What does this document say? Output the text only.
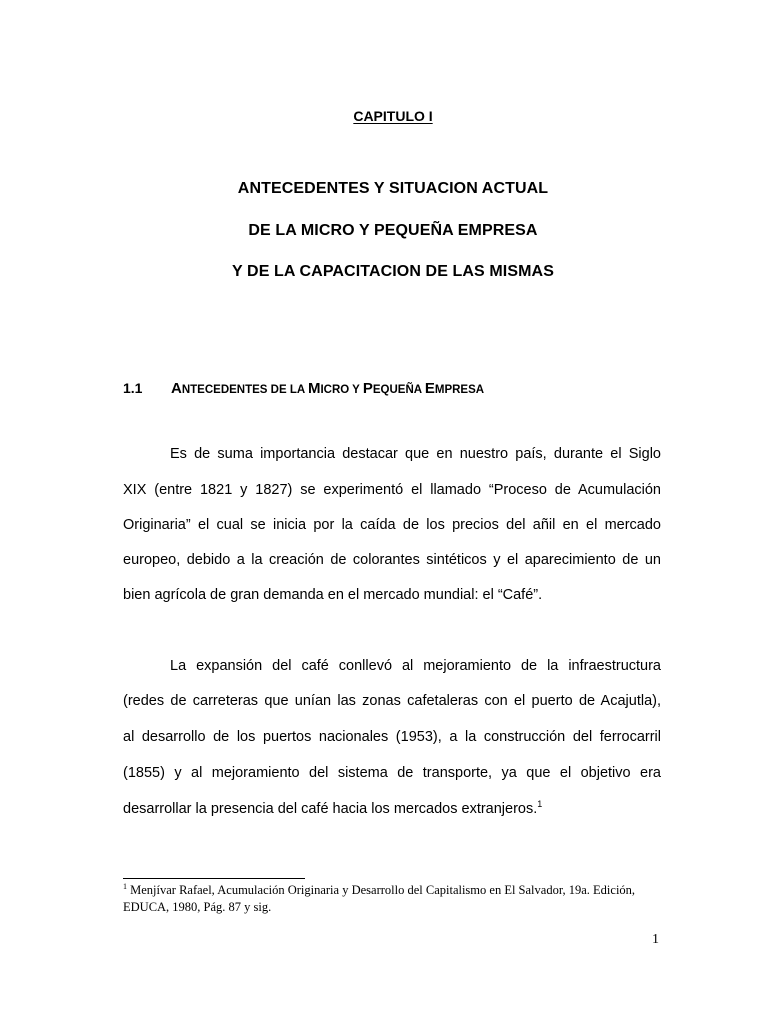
CAPITULO I
ANTECEDENTES Y SITUACION ACTUAL
DE LA MICRO Y PEQUEÑA EMPRESA
Y DE LA CAPACITACION DE LAS MISMAS
1.1 ANTECEDENTES DE LA MICRO Y PEQUEÑA EMPRESA
Es de suma importancia destacar que en nuestro país, durante el Siglo
XIX (entre 1821 y 1827) se experimentó el llamado “Proceso de Acumulación
Originaria” el cual se inicia por la caída de los precios del añil en el mercado
europeo, debido a la creación de colorantes sintéticos y el aparecimiento de un
bien agrícola de gran demanda en el mercado mundial: el “Café”.
La expansión del café conllevó al mejoramiento de la infraestructura
(redes de carreteras que unían las zonas cafetaleras con el puerto de Acajutla),
al desarrollo de los puertos nacionales (1953), a la construcción del ferrocarril
(1855) y al mejoramiento del sistema de transporte, ya que el objetivo era
desarrollar la presencia del café hacia los mercados extranjeros.$^1$
$^1$ Menjívar Rafael, Acumulación Originaria y Desarrollo del Capitalismo en El Salvador, 19a. Edición,
EDUCA, 1980, Pág. 87 y sig.
1
